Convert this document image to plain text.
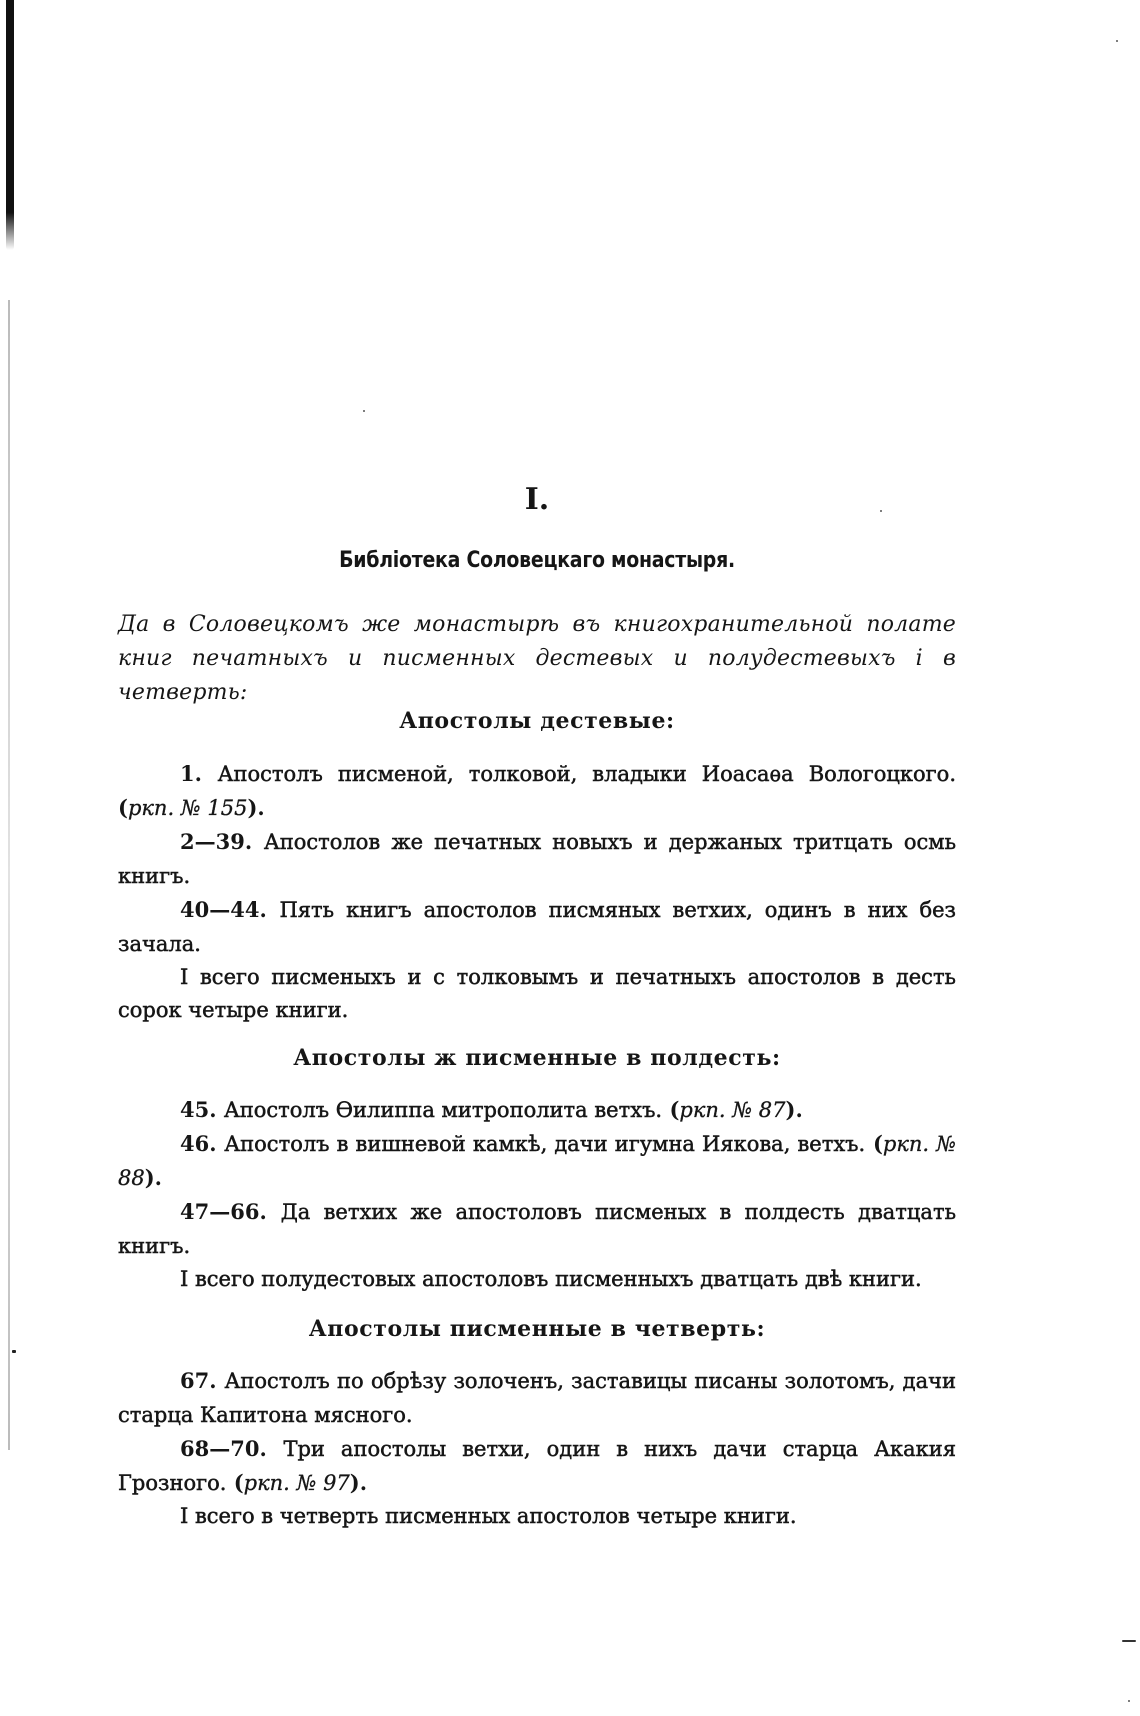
I.
Библiотека Соловецкаго монастыря.
Да в Соловецкомъ же монастырѣ въ книгохранительной полате
книг печатныхъ и писменных дестевых и полудестевыхъ i в четверть:
Апостолы дестевые:

1. Апостолъ писменой, толковой, владыки Иоасаѳа Вологоцкого. (ркп. № 155).

2—39. Апостолов же печатных новыхъ и держаных тритцать осмь книгъ.

40—44. Пять книгъ апостолов писмяных ветхих, одинъ в них без зачала.

I всего писменыхъ и с толковымъ и печатныхъ апостолов в десть сорок четыре книги.

Апостолы ж писменные в полдесть:

45. Апостолъ Ѳилиппа митрополита ветхъ. (ркп. № 87).

46. Апостолъ в вишневой камкѣ, дачи игумна Иякова, ветхъ. (ркп. № 88).

47—66. Да ветхих же апостоловъ писменых в полдесть дватцать книгъ.

I всего полудестовых апостоловъ писменныхъ дватцать двѣ книги.

Апостолы писменные в четверть:

67. Апостолъ по обрѣзу золоченъ, заставицы писаны золотомъ, дачи старца Капитона мясного.

68—70. Три апостолы ветхи, один в нихъ дачи старца Акакия Грозного. (ркп. № 97).

I всего в четверть писменных апостолов четыре книги.
